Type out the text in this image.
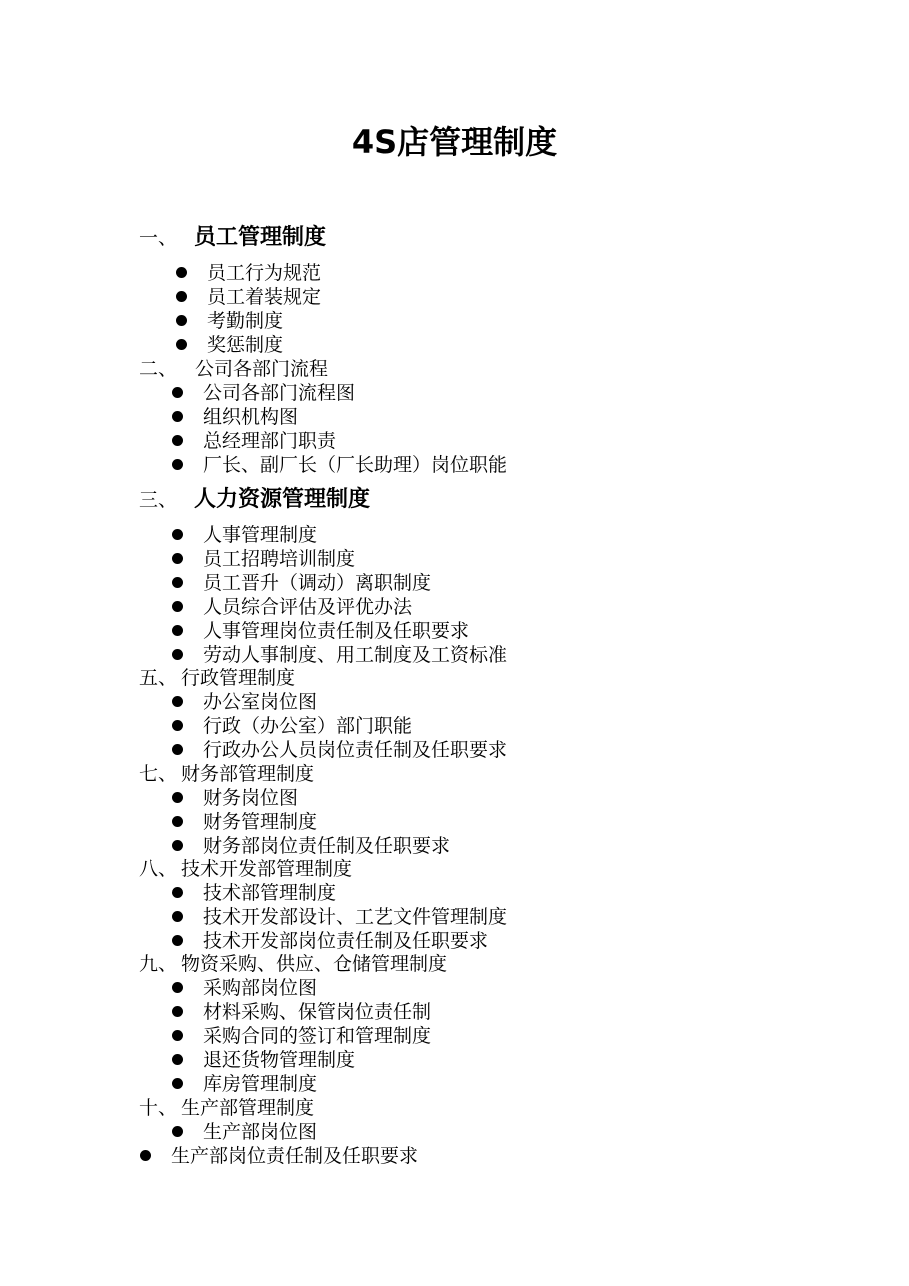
4S店管理制度
一、 员工管理制度
员工行为规范
员工着装规定
考勤制度
奖惩制度
二、 公司各部门流程
公司各部门流程图
组织机构图
总经理部门职责
厂长、副厂长（厂长助理）岗位职能
三、 人力资源管理制度
人事管理制度
员工招聘培训制度
员工晋升（调动）离职制度
人员综合评估及评优办法
人事管理岗位责任制及任职要求
劳动人事制度、用工制度及工资标准
五、 行政管理制度
办公室岗位图
行政（办公室）部门职能
行政办公人员岗位责任制及任职要求
七、 财务部管理制度
财务岗位图
财务管理制度
财务部岗位责任制及任职要求
八、 技术开发部管理制度
技术部管理制度
技术开发部设计、工艺文件管理制度
技术开发部岗位责任制及任职要求
九、 物资采购、供应、仓储管理制度
采购部岗位图
材料采购、保管岗位责任制
采购合同的签订和管理制度
退还货物管理制度
库房管理制度
十、 生产部管理制度
生产部岗位图
生产部岗位责任制及任职要求
